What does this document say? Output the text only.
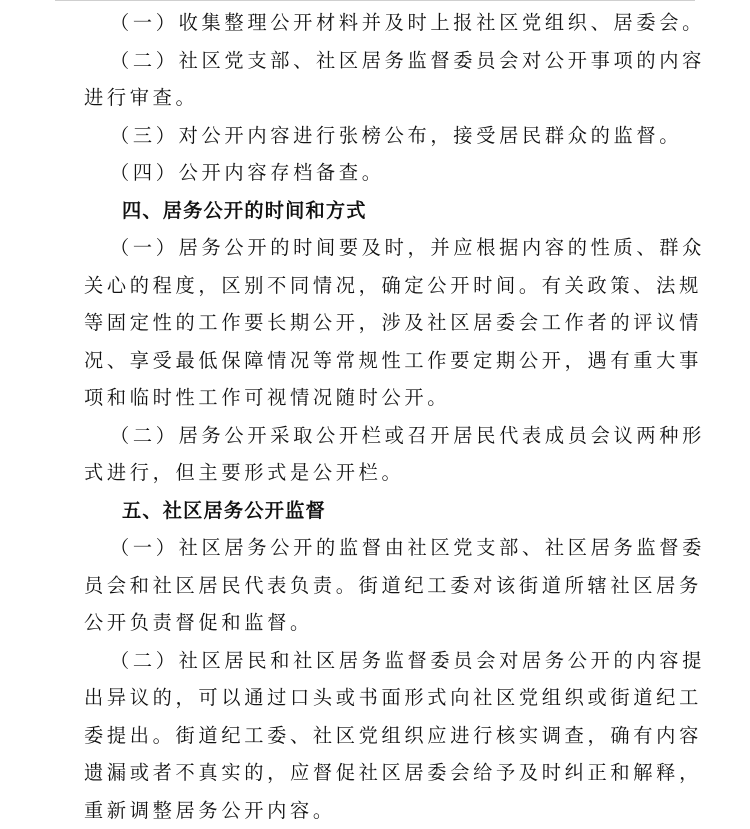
（一）收集整理公开材料并及时上报社区党组织、居委会。

（二）社区党支部、社区居务监督委员会对公开事项的内容
进行审查。

（三）对公开内容进行张榜公布，接受居民群众的监督。

（四）公开内容存档备查。

四、居务公开的时间和方式

（一）居务公开的时间要及时，并应根据内容的性质、群众
关心的程度，区别不同情况，确定公开时间。有关政策、法规
等固定性的工作要长期公开，涉及社区居委会工作者的评议情
况、享受最低保障情况等常规性工作要定期公开，遇有重大事
项和临时性工作可视情况随时公开。

（二）居务公开采取公开栏或召开居民代表成员会议两种形
式进行，但主要形式是公开栏。

五、社区居务公开监督

（一）社区居务公开的监督由社区党支部、社区居务监督委
员会和社区居民代表负责。街道纪工委对该街道所辖社区居务
公开负责督促和监督。

（二）社区居民和社区居务监督委员会对居务公开的内容提
出异议的，可以通过口头或书面形式向社区党组织或街道纪工
委提出。街道纪工委、社区党组织应进行核实调查，确有内容
遗漏或者不真实的，应督促社区居委会给予及时纠正和解释，
重新调整居务公开内容。
